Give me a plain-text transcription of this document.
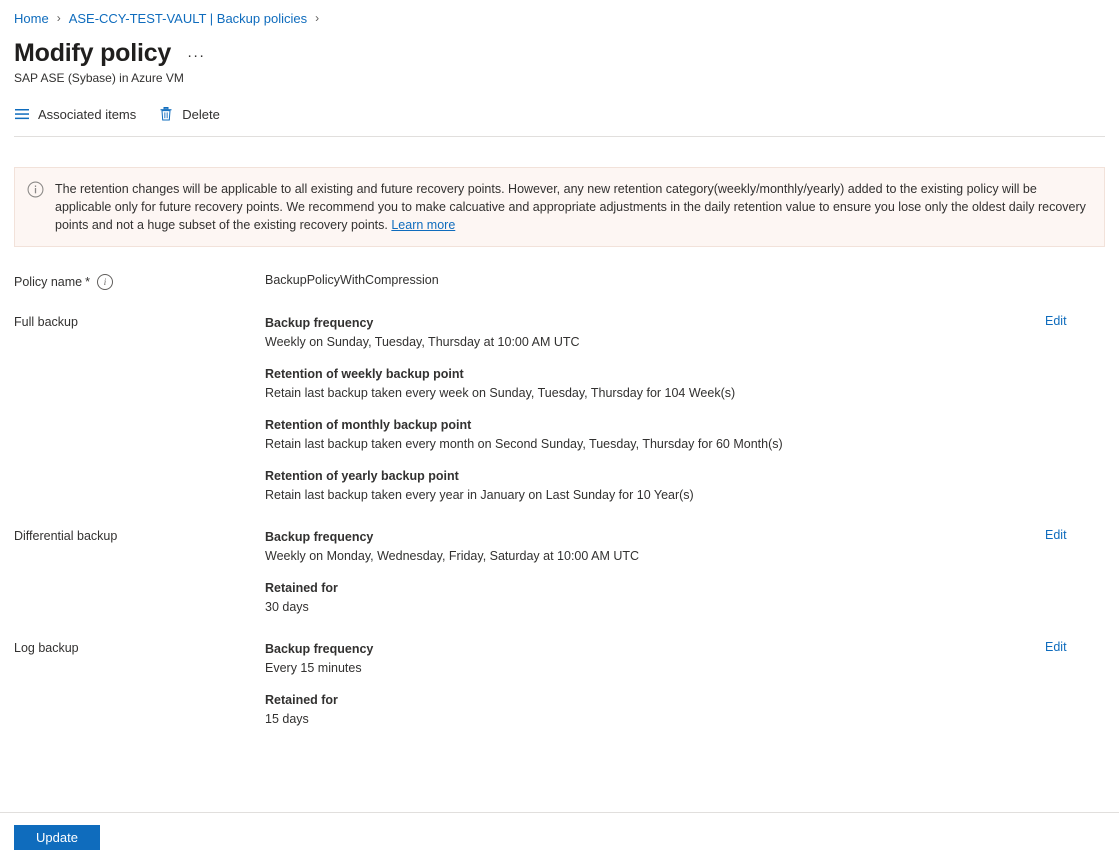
Home › ASE-CCY-TEST-VAULT | Backup policies ›
Modify policy ···
SAP ASE (Sybase) in Azure VM
Associated items	Delete
The retention changes will be applicable to all existing and future recovery points. However, any new retention category(weekly/monthly/yearly) added to the existing policy will be applicable only for future recovery points. We recommend you to make calcuative and appropriate adjustments in the daily retention value to ensure you lose only the oldest daily recovery points and not a huge subset of the existing recovery points. Learn more
Policy name *	i	BackupPolicyWithCompression
Full backup	Backup frequency
Weekly on Sunday, Tuesday, Thursday at 10:00 AM UTC
Retention of weekly backup point
Retain last backup taken every week on Sunday, Tuesday, Thursday for 104 Week(s)
Retention of monthly backup point
Retain last backup taken every month on Second Sunday, Tuesday, Thursday for 60 Month(s)
Retention of yearly backup point
Retain last backup taken every year in January on Last Sunday for 10 Year(s)
Edit
Differential backup	Backup frequency
Weekly on Monday, Wednesday, Friday, Saturday at 10:00 AM UTC
Retained for
30 days
Edit
Log backup	Backup frequency
Every 15 minutes
Retained for
15 days
Edit
Update
